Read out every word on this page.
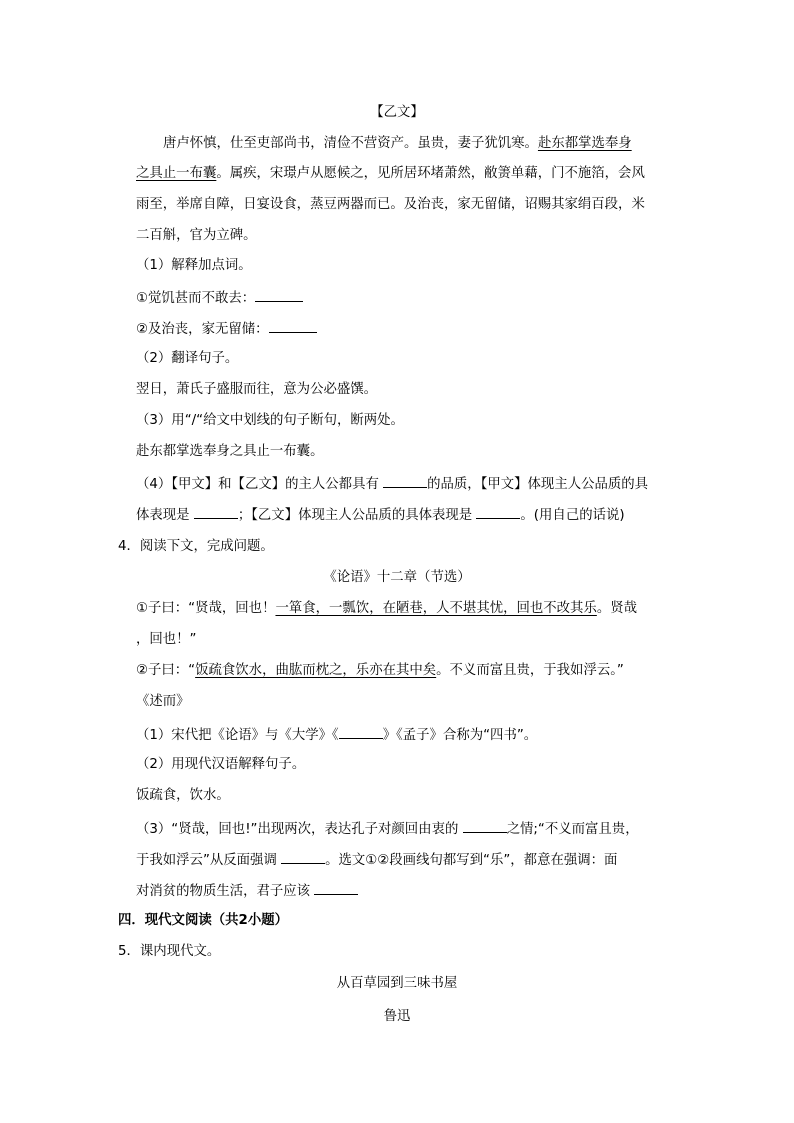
【乙文】
唐卢怀慎，仕至吏部尚书，清俭不营资产。虽贵，妻子犹饥寒。赴东都掌选奉身
之具止一布囊。属疾，宋璟卢从愿候之，见所居环堵萧然，敝箦单藉，门不施箔，会风
雨至，举席自障，日宴设食，蒸豆两器而已。及治丧，家无留储，诏赐其家绢百段，米
二百斛，官为立碑。
（1）解释加点词。
①觉饥甚而不敢去：
②及治丧，家无留储：
（2）翻译句子。
翌日，萧氏子盛服而往，意为公必盛馔。
（3）用“/“给文中划线的句子断句，断两处。
赴东都掌选奉身之具止一布囊。
（4）【甲文】和【乙文】的主人公都具有	的品质，【甲文】体现主人公品质的具
体表现是	；【乙文】体现主人公品质的具体表现是	。(用自己的话说)
4．阅读下文，完成问题。
《论语》十二章（节选）
①子曰：“贤哉，回也！一箪食，一瓢饮，在陋巷，人不堪其忧，回也不改其乐。贤哉
，回也！”
②子曰：“饭疏食饮水，曲肱而枕之，乐亦在其中矣。不义而富且贵，于我如浮云。”
《述而》
（1）宋代把《论语》与《大学》《	》《孟子》合称为“四书”。
（2）用现代汉语解释句子。
饭疏食，饮水。
（3）“贤哉，回也!”出现两次，表达孔子对颜回由衷的	之情;“不义而富且贵，
于我如浮云”从反面强调	。选文①②段画线句都写到“乐”，都意在强调：面
对消贫的物质生活，君子应该
四．现代文阅读（共2小题）
5．课内现代文。
从百草园到三味书屋
鲁迅
